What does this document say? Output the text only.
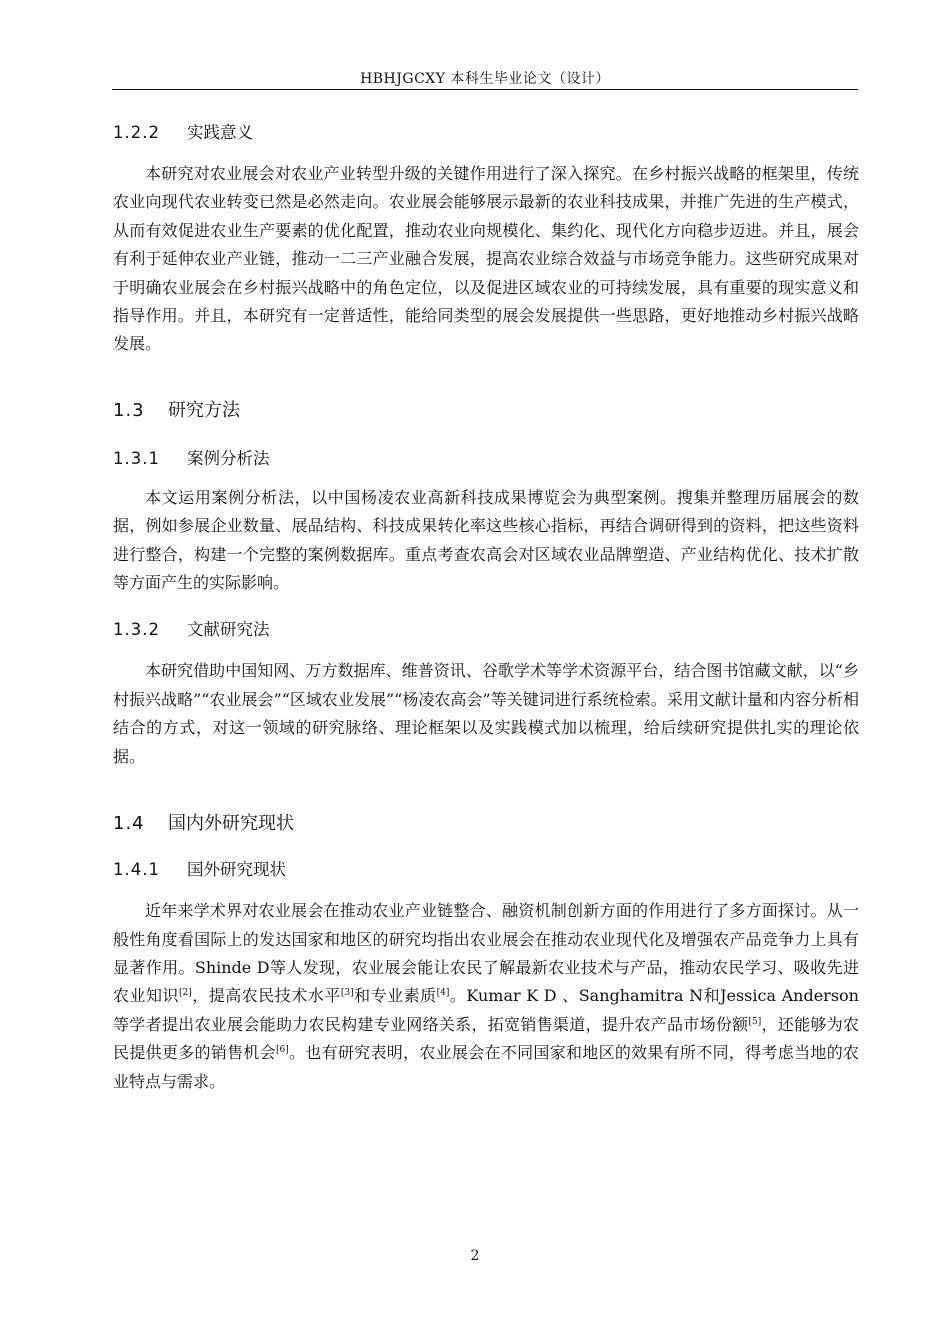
HBHJGCXY 本科生毕业论文（设计）
1.2.2 实践意义

本研究对农业展会对农业产业转型升级的关键作用进行了深入探究。在乡村振兴战略的框架里，传统农业向现代农业转变已然是必然走向。农业展会能够展示最新的农业科技成果，并推广先进的生产模式，从而有效促进农业生产要素的优化配置，推动农业向规模化、集约化、现代化方向稳步迈进。并且，展会有利于延伸农业产业链，推动一二三产业融合发展，提高农业综合效益与市场竞争能力。这些研究成果对于明确农业展会在乡村振兴战略中的角色定位，以及促进区域农业的可持续发展，具有重要的现实意义和指导作用。并且，本研究有一定普适性，能给同类型的展会发展提供一些思路，更好地推动乡村振兴战略发展。

1.3 研究方法
1.3.1 案例分析法

本文运用案例分析法，以中国杨凌农业高新科技成果博览会为典型案例。搜集并整理历届展会的数据，例如参展企业数量、展品结构、科技成果转化率这些核心指标，再结合调研得到的资料，把这些资料进行整合，构建一个完整的案例数据库。重点考查农高会对区域农业品牌塑造、产业结构优化、技术扩散等方面产生的实际影响。

1.3.2 文献研究法

本研究借助中国知网、万方数据库、维普资讯、谷歌学术等学术资源平台，结合图书馆藏文献，以“乡村振兴战略”“农业展会”“区域农业发展”“杨凌农高会”等关键词进行系统检索。采用文献计量和内容分析相结合的方式，对这一领域的研究脉络、理论框架以及实践模式加以梳理，给后续研究提供扎实的理论依据。

1.4 国内外研究现状
1.4.1 国外研究现状

近年来学术界对农业展会在推动农业产业链整合、融资机制创新方面的作用进行了多方面探讨。从一般性角度看国际上的发达国家和地区的研究均指出农业展会在推动农业现代化及增强农产品竞争力上具有显著作用。Shinde D等人发现，农业展会能让农民了解最新农业技术与产品，推动农民学习、吸收先进农业知识[2]，提高农民技术水平[3]和专业素质[4]。Kumar K D 、Sanghamitra N和Jessica Anderson等学者提出农业展会能助力农民构建专业网络关系，拓宽销售渠道，提升农产品市场份额[5]，还能够为农民提供更多的销售机会[6]。也有研究表明，农业展会在不同国家和地区的效果有所不同，得考虑当地的农业特点与需求。

2
